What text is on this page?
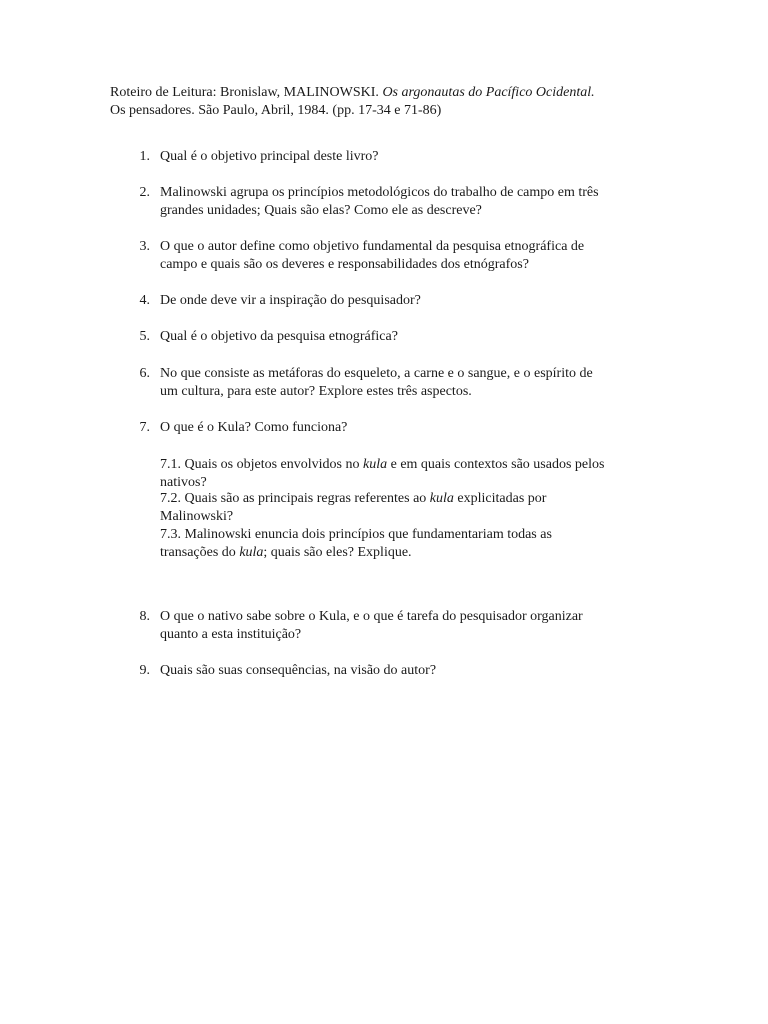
Roteiro de Leitura: Bronislaw, MALINOWSKI. Os argonautas do Pacífico Ocidental.
Os pensadores. São Paulo, Abril, 1984. (pp. 17-34 e 71-86)
1. Qual é o objetivo principal deste livro?
2. Malinowski agrupa os princípios metodológicos do trabalho de campo em três
grandes unidades; Quais são elas? Como ele as descreve?
3. O que o autor define como objetivo fundamental da pesquisa etnográfica de
campo e quais são os deveres e responsabilidades dos etnógrafos?
4. De onde deve vir a inspiração do pesquisador?
5. Qual é o objetivo da pesquisa etnográfica?
6. No que consiste as metáforas do esqueleto, a carne e o sangue, e o espírito de
um cultura, para este autor? Explore estes três aspectos.
7. O que é o Kula? Como funciona?
7.1. Quais os objetos envolvidos no kula e em quais contextos são usados pelos
nativos?
7.2. Quais são as principais regras referentes ao kula explicitadas por
Malinowski?
7.3. Malinowski enuncia dois princípios que fundamentariam todas as
transações do kula; quais são eles? Explique.
8. O que o nativo sabe sobre o Kula, e o que é tarefa do pesquisador organizar
quanto a esta instituição?
9. Quais são suas consequências, na visão do autor?
